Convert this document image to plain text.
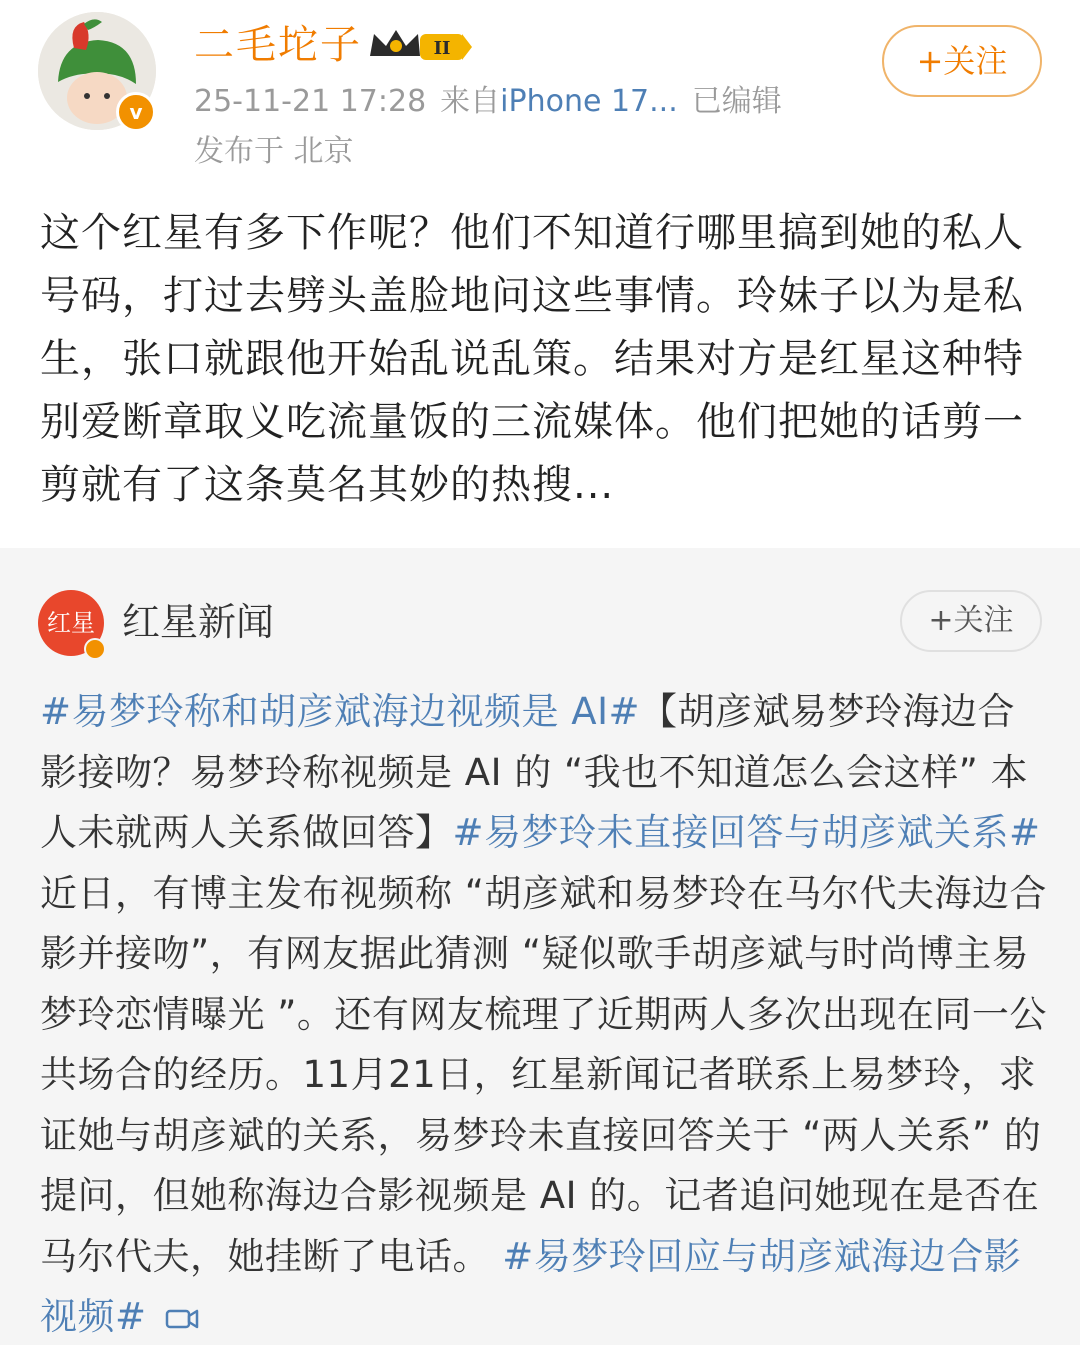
v
二毛坨子	II
25-11-21 17:28 来自iPhone 17... 已编辑
发布于 北京
+关注
这个红星有多下作呢？他们不知道行哪里搞到她的私人号码，打过去劈头盖脸地问这些事情。玲妹子以为是私生，张口就跟他开始乱说乱策。结果对方是红星这种特别爱断章取义吃流量饭的三流媒体。他们把她的话剪一剪就有了这条莫名其妙的热搜...
红星 红星新闻	+关注
#易梦玲称和胡彦斌海边视频是 AI#【胡彦斌易梦玲海边合影接吻？易梦玲称视频是 AI 的 “我也不知道怎么会这样” 本人未就两人关系做回答】#易梦玲未直接回答与胡彦斌关系#近日，有博主发布视频称 “胡彦斌和易梦玲在马尔代夫海边合影并接吻”，有网友据此猜测 “疑似歌手胡彦斌与时尚博主易梦玲恋情曝光 ”。还有网友梳理了近期两人多次出现在同一公共场合的经历。11月21日，红星新闻记者联系上易梦玲，求证她与胡彦斌的关系，易梦玲未直接回答关于 “两人关系” 的提问，但她称海边合影视频是 AI 的。记者追问她现在是否在马尔代夫，她挂断了电话。 #易梦玲回应与胡彦斌海边合影视频#
